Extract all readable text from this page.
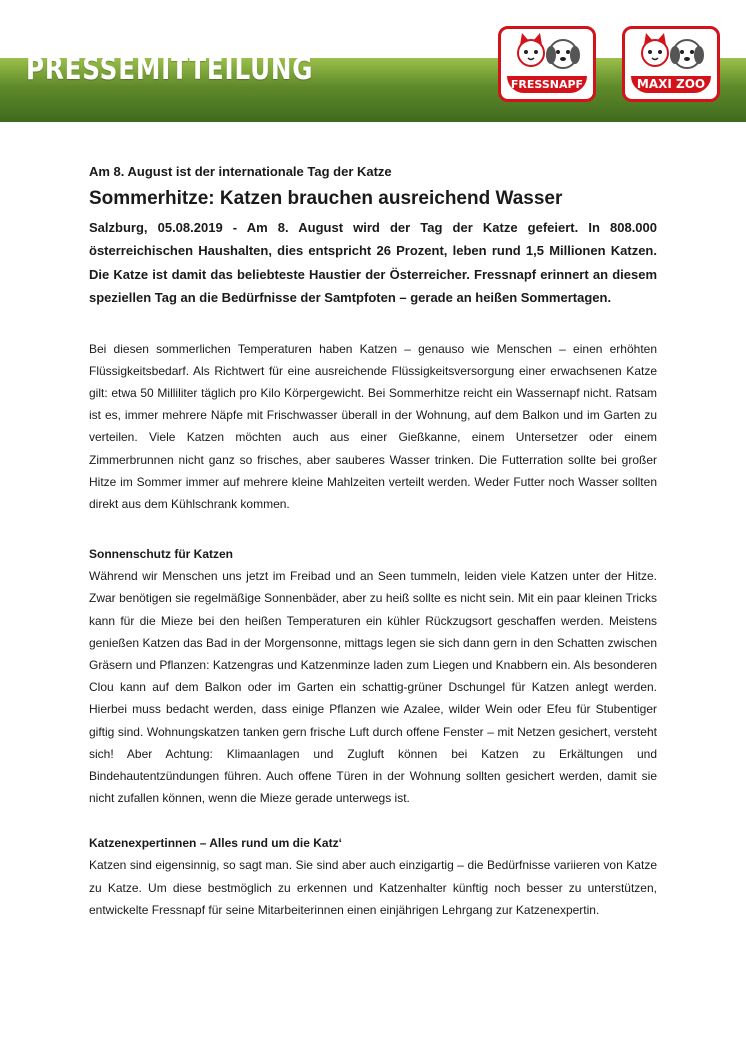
PRESSEMITTEILUNG	FRESSNAPF	MAXI ZOO

Am 8. August ist der internationale Tag der Katze

Sommerhitze: Katzen brauchen ausreichend Wasser

Salzburg, 05.08.2019 - Am 8. August wird der Tag der Katze gefeiert. In 808.000 österreichischen Haushalten, dies entspricht 26 Prozent, leben rund 1,5 Millionen Katzen. Die Katze ist damit das beliebteste Haustier der Österreicher. Fressnapf erinnert an diesem speziellen Tag an die Bedürfnisse der Samtpfoten – gerade an heißen Sommertagen.

Bei diesen sommerlichen Temperaturen haben Katzen – genauso wie Menschen – einen erhöhten Flüssigkeitsbedarf. Als Richtwert für eine ausreichende Flüssigkeitsversorgung einer erwachsenen Katze gilt: etwa 50 Milliliter täglich pro Kilo Körpergewicht. Bei Sommerhitze reicht ein Wassernapf nicht. Ratsam ist es, immer mehrere Näpfe mit Frischwasser überall in der Wohnung, auf dem Balkon und im Garten zu verteilen. Viele Katzen möchten auch aus einer Gießkanne, einem Untersetzer oder einem Zimmerbrunnen nicht ganz so frisches, aber sauberes Wasser trinken. Die Futterration sollte bei großer Hitze im Sommer immer auf mehrere kleine Mahlzeiten verteilt werden. Weder Futter noch Wasser sollten direkt aus dem Kühlschrank kommen.

Sonnenschutz für Katzen

Während wir Menschen uns jetzt im Freibad und an Seen tummeln, leiden viele Katzen unter der Hitze. Zwar benötigen sie regelmäßige Sonnenbäder, aber zu heiß sollte es nicht sein. Mit ein paar kleinen Tricks kann für die Mieze bei den heißen Temperaturen ein kühler Rückzugsort geschaffen werden. Meistens genießen Katzen das Bad in der Morgensonne, mittags legen sie sich dann gern in den Schatten zwischen Gräsern und Pflanzen: Katzengras und Katzenminze laden zum Liegen und Knabbern ein. Als besonderen Clou kann auf dem Balkon oder im Garten ein schattig-grüner Dschungel für Katzen anlegt werden. Hierbei muss bedacht werden, dass einige Pflanzen wie Azalee, wilder Wein oder Efeu für Stubentiger giftig sind. Wohnungskatzen tanken gern frische Luft durch offene Fenster – mit Netzen gesichert, versteht sich! Aber Achtung: Klimaanlagen und Zugluft können bei Katzen zu Erkältungen und Bindehautentzündungen führen. Auch offene Türen in der Wohnung sollten gesichert werden, damit sie nicht zufallen können, wenn die Mieze gerade unterwegs ist.

Katzenexpertinnen – Alles rund um die Katz‘

Katzen sind eigensinnig, so sagt man. Sie sind aber auch einzigartig – die Bedürfnisse variieren von Katze zu Katze. Um diese bestmöglich zu erkennen und Katzenhalter künftig noch besser zu unterstützen, entwickelte Fressnapf für seine Mitarbeiterinnen einen einjährigen Lehrgang zur Katzenexpertin.
